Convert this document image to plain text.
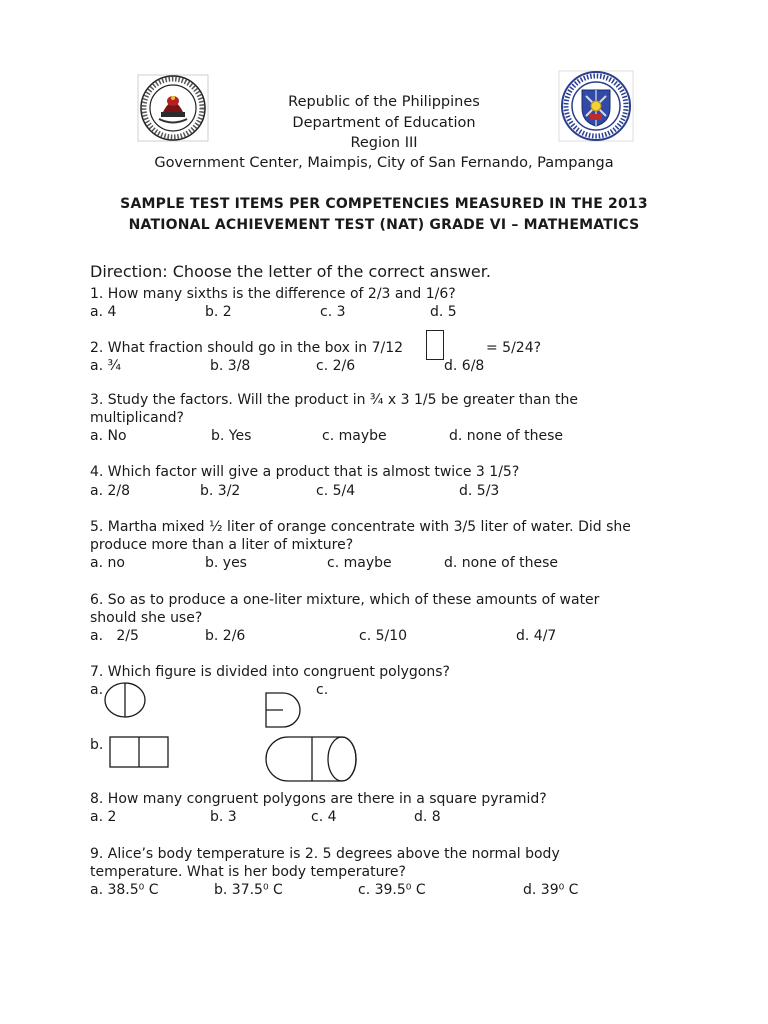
Republic of the Philippines
Department of Education
Region III
Government Center, Maimpis, City of San Fernando, Pampanga
SAMPLE TEST ITEMS PER COMPETENCIES MEASURED IN THE 2013
NATIONAL ACHIEVEMENT TEST (NAT) GRADE VI – MATHEMATICS
Direction: Choose the letter of the correct answer.
1. How many sixths is the difference of 2/3 and 1/6?
a. 4	b. 2	c. 3	d. 5
2. What fraction should go in the box in 7/12	= 5/24?
a. ¾	b. 3/8	c. 2/6	d. 6/8
3. Study the factors. Will the product in ¾ x 3 1/5 be greater than the
multiplicand?
a. No	b. Yes	c. maybe	d. none of these
4. Which factor will give a product that is almost twice 3 1/5?
a. 2/8	b. 3/2	c. 5/4	d. 5/3
5. Martha mixed ½ liter of orange concentrate with 3/5 liter of water. Did she
produce more than a liter of mixture?
a. no	b. yes	c. maybe	d. none of these
6. So as to produce a one-liter mixture, which of these amounts of water
should she use?
a.   2/5	b. 2/6	c. 5/10	d. 4/7
7. Which figure is divided into congruent polygons?
a.	c.
b.
8. How many congruent polygons are there in a square pyramid?
a. 2	b. 3	c. 4	d. 8
9. Alice’s body temperature is 2. 5 degrees above the normal body
temperature. What is her body temperature?
a. 38.5⁰ C	b. 37.5⁰ C	c. 39.5⁰ C	d. 39⁰ C
